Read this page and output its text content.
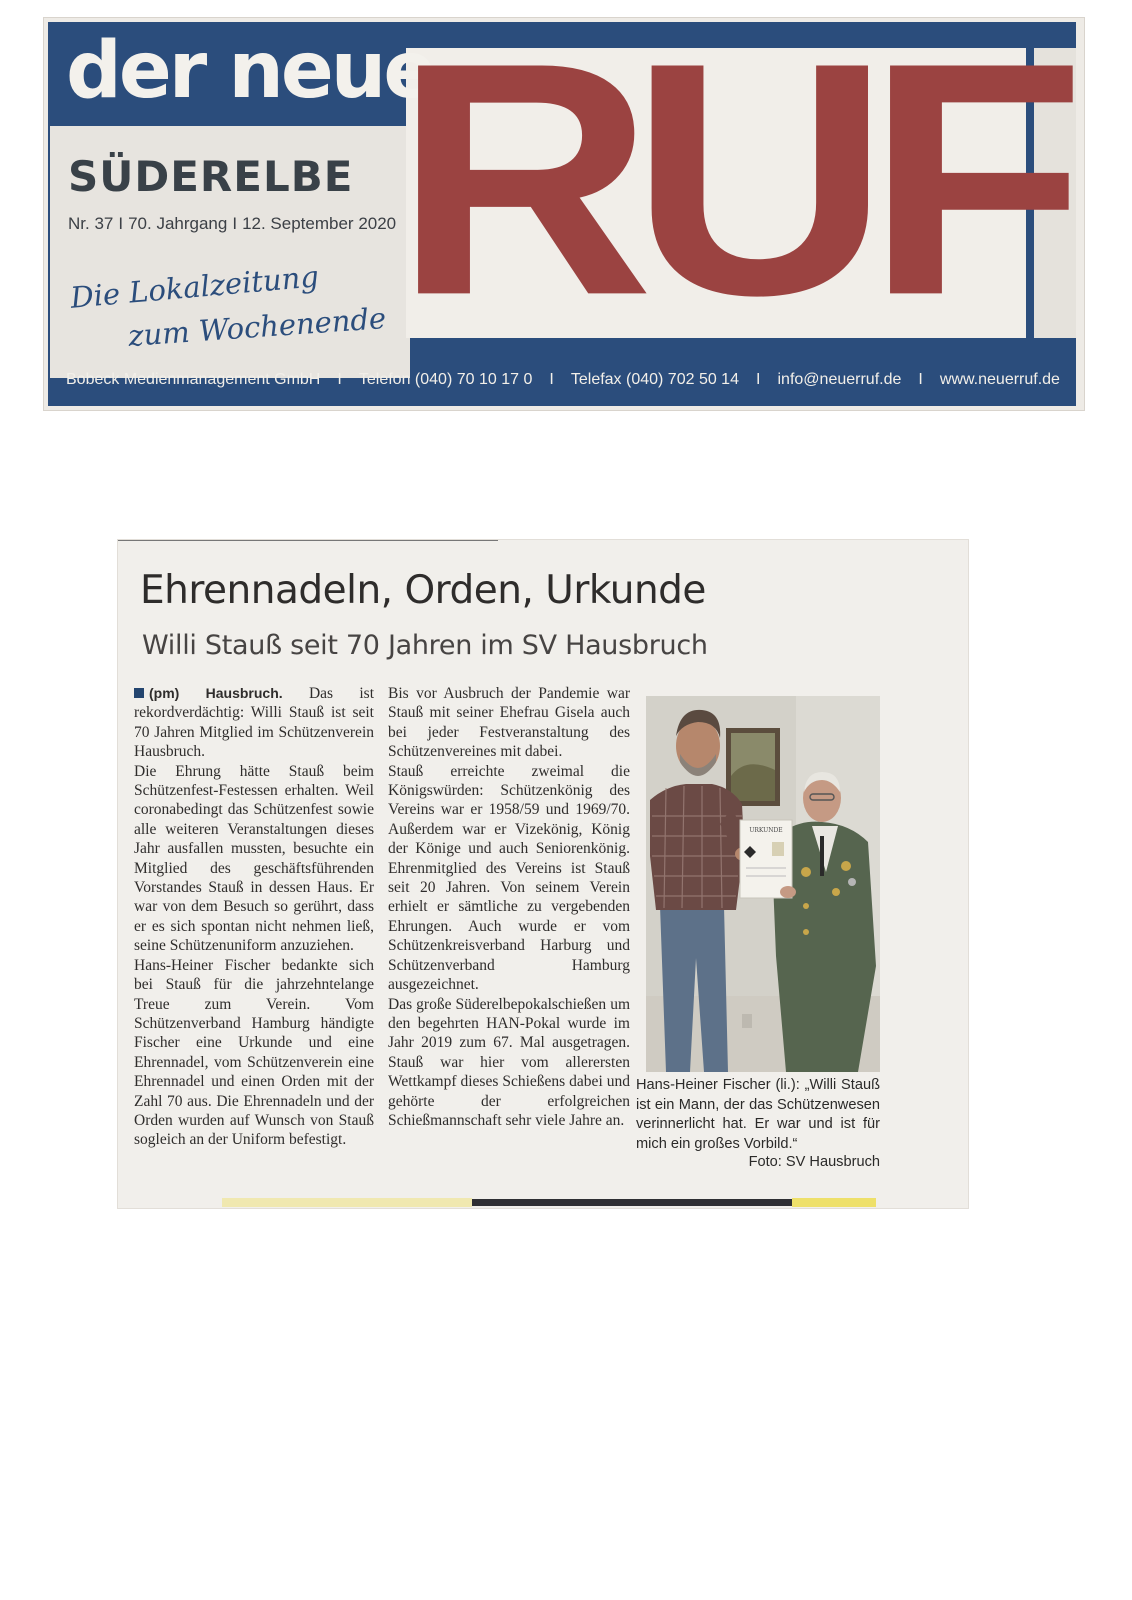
der neue
RUF
SÜDERELBE
Nr. 37 I 70. Jahrgang I 12. September 2020
Die Lokalzeitung
zum Wochenende
Bobeck Medienmanagement GmbH I Telefon (040) 70 10 17 0 I Telefax (040) 702 50 14 I info@neuerruf.de I www.neuerruf.de
Ehrennadeln, Orden, Urkunde
Willi Stauß seit 70 Jahren im SV Hausbruch

(pm) Hausbruch. Das ist rekordverdächtig: Willi Stauß ist seit 70 Jahren Mitglied im Schützenverein Hausbruch.

Die Ehrung hätte Stauß beim Schützenfest-Festessen erhalten. Weil coronabedingt das Schützenfest sowie alle weiteren Veranstaltungen dieses Jahr ausfallen mussten, besuchte ein Mitglied des geschäftsführenden Vorstandes Stauß in dessen Haus. Er war von dem Besuch so gerührt, dass er es sich spontan nicht nehmen ließ, seine Schützenuniform anzuziehen.

Hans-Heiner Fischer bedankte sich bei Stauß für die jahrzehntelange Treue zum Verein. Vom Schützenverband Hamburg händigte Fischer eine Urkunde und eine Ehrennadel, vom Schützenverein eine Ehrennadel und einen Orden mit der Zahl 70 aus. Die Ehrennadeln und der Orden wurden auf Wunsch von Stauß sogleich an der Uniform befestigt.

Bis vor Ausbruch der Pandemie war Stauß mit seiner Ehefrau Gisela auch bei jeder Festveranstaltung des Schützenvereines mit dabei.

Stauß erreichte zweimal die Königswürden: Schützenkönig des Vereins war er 1958/59 und 1969/70. Außerdem war er Vizekönig, König der Könige und auch Seniorenkönig. Ehrenmitglied des Vereins ist Stauß seit 20 Jahren. Von seinem Verein erhielt er sämtliche zu vergebenden Ehrungen. Auch wurde er vom Schützenkreisverband Harburg und Schützenverband Hamburg ausgezeichnet.

Das große Süderelbepokalschießen um den begehrten HAN-Pokal wurde im Jahr 2019 zum 67. Mal ausgetragen. Stauß war hier vom allerersten Wettkampf dieses Schießens dabei und gehörte der erfolgreichen Schießmannschaft sehr viele Jahre an.

URKUNDE
Hans-Heiner Fischer (li.): „Willi Stauß ist ein Mann, der das Schützenwesen verinnerlicht hat. Er war und ist für mich ein großes Vorbild.“
Foto: SV Hausbruch
